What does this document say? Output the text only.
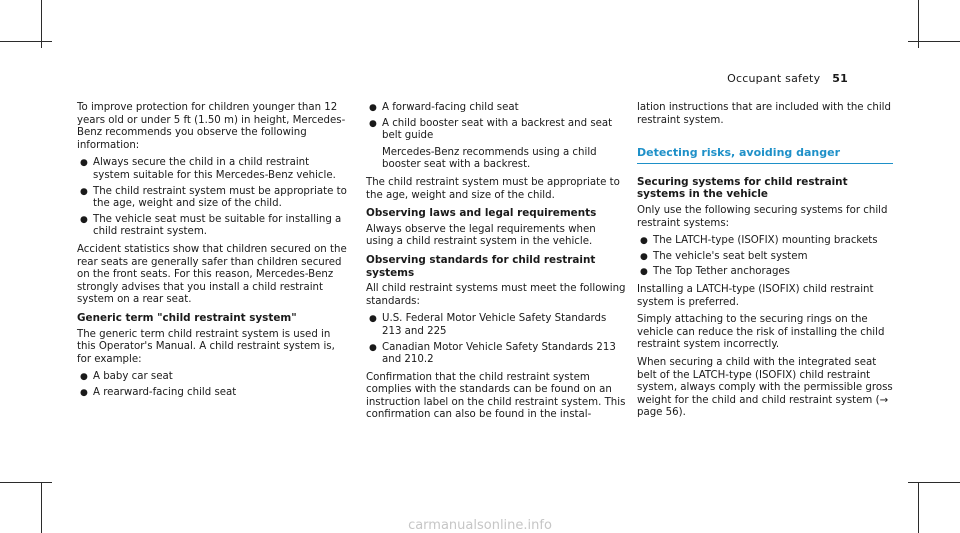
Occupant safety 51

To improve protection for children younger than 12 years old or under 5 ft (1.50 m) in height, Mercedes-Benz recommends you observe the following information:

● Always secure the child in a child restraint system suitable for this Mercedes-Benz vehicle.
● The child restraint system must be appropriate to the age, weight and size of the child.
● The vehicle seat must be suitable for installing a child restraint system.

Accident statistics show that children secured on the rear seats are generally safer than children secured on the front seats. For this reason, Mercedes-Benz strongly advises that you install a child restraint system on a rear seat.

Generic term "child restraint system"

The generic term child restraint system is used in this Operator's Manual. A child restraint system is, for example:

● A baby car seat
● A rearward-facing child seat
● A forward-facing child seat
● A child booster seat with a backrest and seat belt guide
Mercedes-Benz recommends using a child booster seat with a backrest.

The child restraint system must be appropriate to the age, weight and size of the child.

Observing laws and legal requirements

Always observe the legal requirements when using a child restraint system in the vehicle.

Observing standards for child restraint systems

All child restraint systems must meet the following standards:

● U.S. Federal Motor Vehicle Safety Standards 213 and 225
● Canadian Motor Vehicle Safety Standards 213 and 210.2

Confirmation that the child restraint system complies with the standards can be found on an instruction label on the child restraint system. This confirmation can also be found in the instal-

lation instructions that are included with the child restraint system.

Detecting risks, avoiding danger
Securing systems for child restraint systems in the vehicle

Only use the following securing systems for child restraint systems:

● The LATCH-type (ISOFIX) mounting brackets
● The vehicle's seat belt system
● The Top Tether anchorages

Installing a LATCH-type (ISOFIX) child restraint system is preferred.

Simply attaching to the securing rings on the vehicle can reduce the risk of installing the child restraint system incorrectly.

When securing a child with the integrated seat belt of the LATCH-type (ISOFIX) child restraint system, always comply with the permissible gross weight for the child and child restraint system (→ page 56).

carmanualsonline.info
